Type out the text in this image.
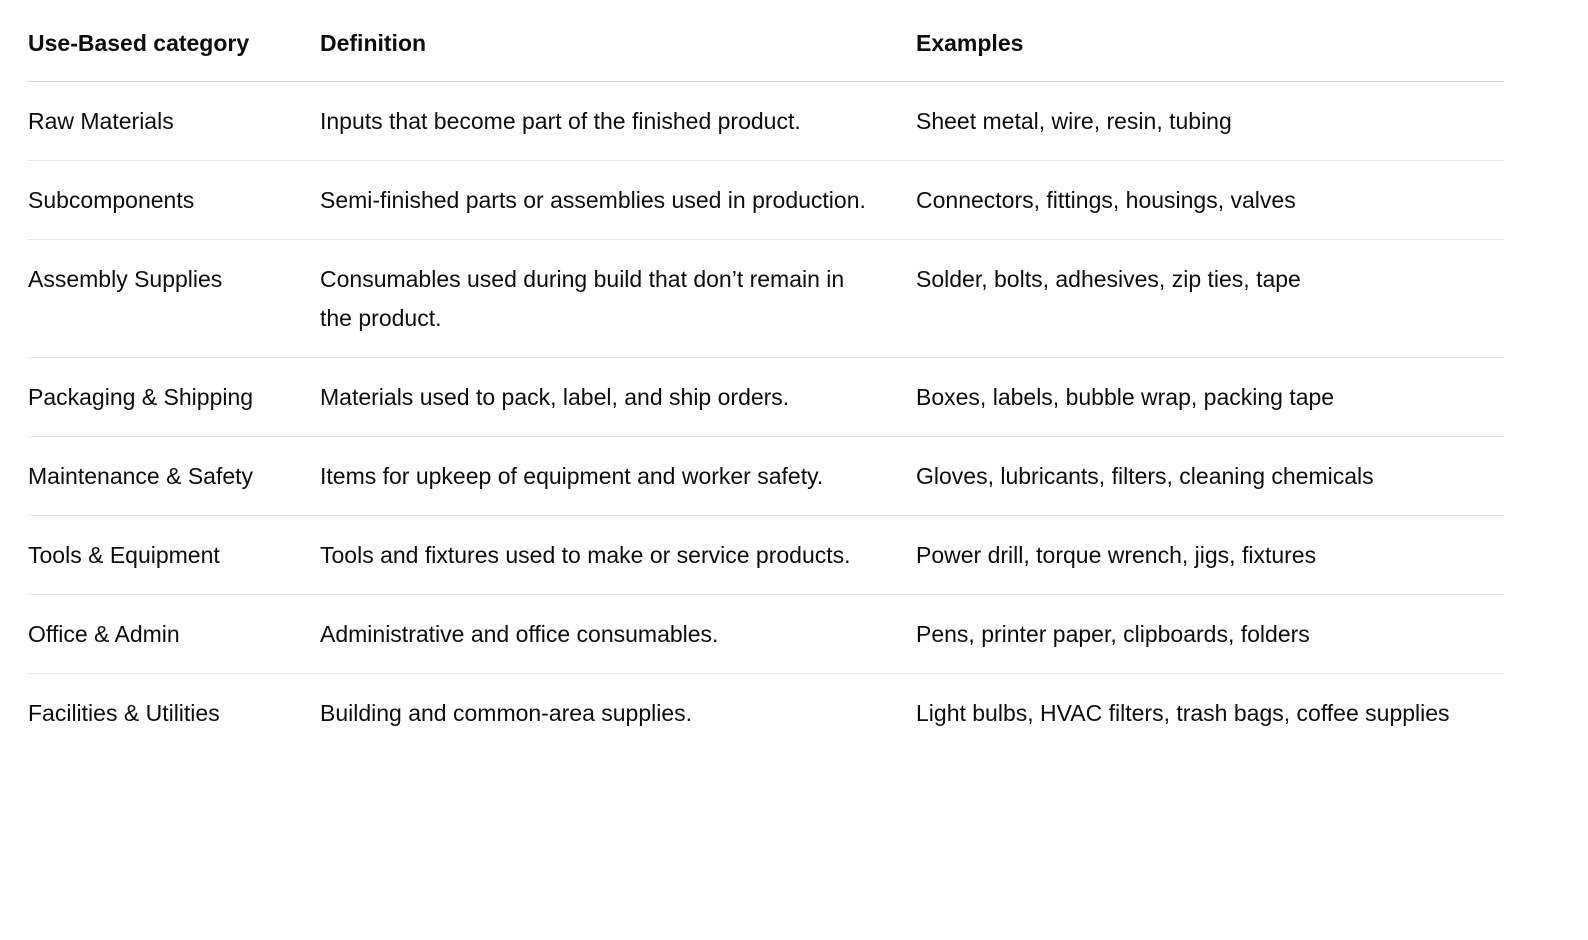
Use-Based category	Definition	Examples
Raw Materials	Inputs that become part of the finished product.	Sheet metal, wire, resin, tubing
Subcomponents	Semi-finished parts or assemblies used in production.	Connectors, fittings, housings, valves
Assembly Supplies	Consumables used during build that don’t remain in the product.	Solder, bolts, adhesives, zip ties, tape
Packaging & Shipping	Materials used to pack, label, and ship orders.	Boxes, labels, bubble wrap, packing tape
Maintenance & Safety	Items for upkeep of equipment and worker safety.	Gloves, lubricants, filters, cleaning chemicals
Tools & Equipment	Tools and fixtures used to make or service products.	Power drill, torque wrench, jigs, fixtures
Office & Admin	Administrative and office consumables.	Pens, printer paper, clipboards, folders
Facilities & Utilities	Building and common-area supplies.	Light bulbs, HVAC filters, trash bags, coffee supplies
